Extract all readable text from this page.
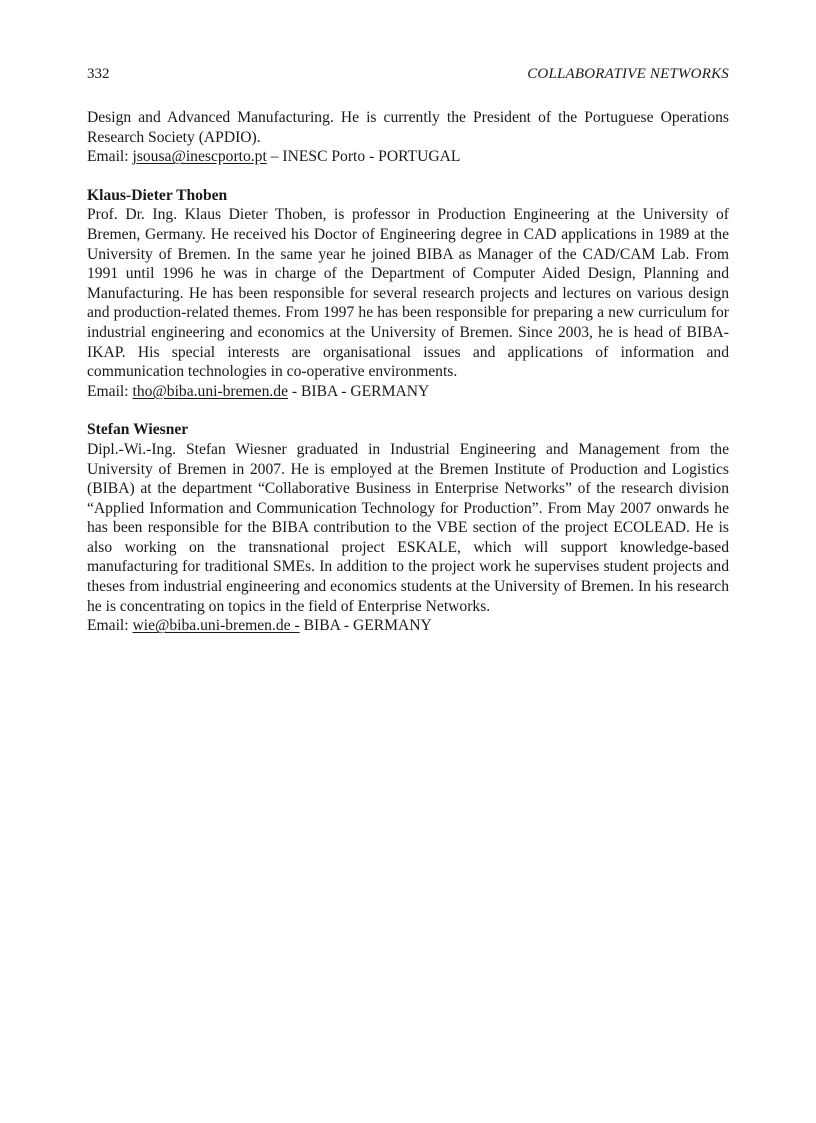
332	COLLABORATIVE NETWORKS

Design and Advanced Manufacturing. He is currently the President of the Portuguese Operations Research Society (APDIO).

Email: jsousa@inescporto.pt – INESC Porto - PORTUGAL

Klaus-Dieter Thoben

Prof. Dr. Ing. Klaus Dieter Thoben, is professor in Production Engineering at the University of Bremen, Germany. He received his Doctor of Engineering degree in CAD applications in 1989 at the University of Bremen. In the same year he joined BIBA as Manager of the CAD/CAM Lab. From 1991 until 1996 he was in charge of the Department of Computer Aided Design, Planning and Manufacturing. He has been responsible for several research projects and lectures on various design and production-related themes. From 1997 he has been responsible for preparing a new curriculum for industrial engineering and economics at the University of Bremen. Since 2003, he is head of BIBA-IKAP. His special interests are organisational issues and applications of information and communication technologies in co-operative environments.

Email: tho@biba.uni-bremen.de - BIBA - GERMANY

Stefan Wiesner

Dipl.-Wi.-Ing. Stefan Wiesner graduated in Industrial Engineering and Management from the University of Bremen in 2007. He is employed at the Bremen Institute of Production and Logistics (BIBA) at the department “Collaborative Business in Enterprise Networks” of the research division “Applied Information and Communication Technology for Production”. From May 2007 onwards he has been responsible for the BIBA contribution to the VBE section of the project ECOLEAD. He is also working on the transnational project ESKALE, which will support knowledge-based manufacturing for traditional SMEs. In addition to the project work he supervises student projects and theses from industrial engineering and economics students at the University of Bremen. In his research he is concentrating on topics in the field of Enterprise Networks.

Email: wie@biba.uni-bremen.de - BIBA - GERMANY
